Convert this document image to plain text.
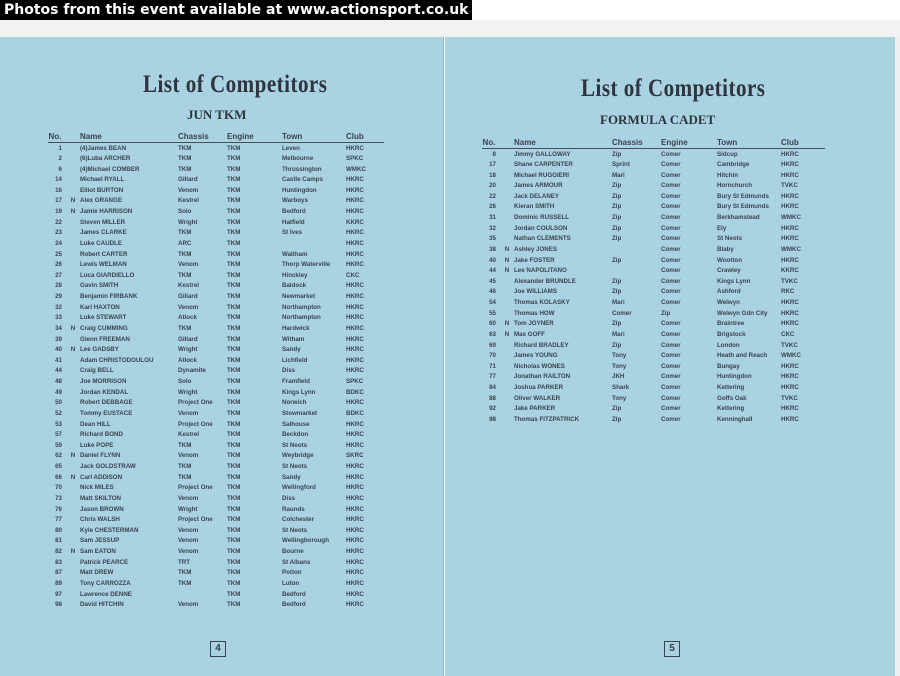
Photos from this event available at www.actionsport.co.uk
List of Competitors
JUN TKM
No.		Name	Chassis	Engine	Town	Club
1		(4)James BEAN	TKM	TKM	Leven	HKRC
2		(6)Luba ARCHER	TKM	TKM	Melbourne	SPKC
6		(4)Michael COMBER	TKM	TKM	Thrussington	WMKC
14		Michael RYALL	Gillard	TKM	Castle Camps	HKRC
16		Elliot BURTON	Venom	TKM	Huntingdon	HKRC
17	N	Alex GRANGE	Kestrel	TKM	Warboys	HKRC
19	N	Jamie HARRISON	Solo	TKM	Bedford	HKRC
22		Steven MILLER	Wright	TKM	Hatfield	KKRC
23		James CLARKE	TKM	TKM	St Ives	HKRC
24		Luke CAUDLE	ARC	TKM		HKRC
25		Robert CARTER	TKM	TKM	Waltham	HKRC
26		Lewis WELMAN	Venom	TKM	Thorp Waterville	HKRC
27		Luca GIARDIELLO	TKM	TKM	Hinckley	CKC
28		Gavin SMITH	Kestrel	TKM	Baldock	HKRC
29		Benjamin FIRBANK	Gillard	TKM	Newmarket	HKRC
32		Karl HAXTON	Venom	TKM	Northampton	HKRC
33		Luke STEWART	Atlock	TKM	Northampton	HKRC
34	N	Craig CUMMING	TKM	TKM	Hardwick	HKRC
39		Glenn FREEMAN	Gillard	TKM	Witham	HKRC
40	N	Lee GADSBY	Wright	TKM	Sandy	HKRC
41		Adam CHRISTODOULOU	Atlock	TKM	Lichfield	HKRC
44		Craig BELL	Dynamite	TKM	Diss	HKRC
48		Joe MORRISON	Solo	TKM	Framfield	SPKC
49		Jordan KENDAL	Wright	TKM	Kings Lynn	BDKC
50		Robert DEBBAGE	Project One	TKM	Norwich	HKRC
52		Tommy EUSTACE	Venom	TKM	Stowmarket	BDKC
53		Dean HILL	Project One	TKM	Salhouse	HKRC
57		Richard BOND	Kestrel	TKM	Beckdon	HKRC
59		Luke POPE	TKM	TKM	St Neots	HKRC
62	N	Daniel FLYNN	Venom	TKM	Weybridge	SKRC
65		Jack GOLDSTRAW	TKM	TKM	St Neots	HKRC
66	N	Carl ADDISON	TKM	TKM	Sandy	HKRC
70		Nick MILES	Project One	TKM	Wellingford	HKRC
73		Matt SKILTON	Venom	TKM	Diss	HKRC
76		Jason BROWN	Wright	TKM	Raunds	HKRC
77		Chris WALSH	Project One	TKM	Colchester	HKRC
80		Kyle CHESTERMAN	Venom	TKM	St Neots	HKRC
81		Sam JESSUP	Venom	TKM	Wellingborough	HKRC
82	N	Sam EATON	Venom	TKM	Bourne	HKRC
83		Patrick PEARCE	TRT	TKM	St Albans	HKRC
87		Matt DREW	TKM	TKM	Potton	HKRC
89		Tony CARROZZA	TKM	TKM	Luton	HKRC
97		Lawrence DENNE		TKM	Bedford	HKRC
98		David HITCHIN	Venom	TKM	Bedford	HKRC
4
List of Competitors
FORMULA CADET
No.		Name	Chassis	Engine	Town	Club
8		Jimmy GALLOWAY	Zip	Comer	Sidcup	HKRC
17		Shane CARPENTER	Sprint	Comer	Cambridge	HKRC
18		Michael RUGGIERI	Mari	Comer	Hitchin	HKRC
20		James ARMOUR	Zip	Comer	Hornchurch	TVKC
22		Jack DELANEY	Zip	Comer	Bury St Edmunds	HKRC
26		Kieran SMITH	Zip	Comer	Bury St Edmunds	HKRC
31		Dominic RUSSELL	Zip	Comer	Berkhamstead	WMKC
32		Jordan COULSON	Zip	Comer	Ely	HKRC
35		Nathan CLEMENTS	Zip	Comer	St Neots	HKRC
38	N	Ashley JONES		Comer	Blaby	WMKC
40	N	Jake FOSTER	Zip	Comer	Wootton	HKRC
44	N	Lee NAPOLITANO		Comer	Crawley	KKRC
45		Alexander BRUNDLE	Zip	Comer	Kings Lynn	TVKC
46		Joe WILLIAMS	Zip	Comer	Ashford	RKC
54		Thomas KOLASKY	Mari	Comer	Welwyn	HKRC
55		Thomas HOW	Comer	Zip	Welwyn Gdn City	HKRC
60	N	Tom JOYNER	Zip	Comer	Braintree	HKRC
63	N	Max GOFF	Mari	Comer	Brigstock	CKC
69		Richard BRADLEY	Zip	Comer	London	TVKC
70		James YOUNG	Tony	Comer	Heath and Reach	WMKC
71		Nicholas WONES	Tony	Comer	Bungay	HKRC
77		Jonathan RAILTON	JKH	Comer	Huntingdon	HKRC
84		Joshua PARKER	Shark	Comer	Kettering	HKRC
88		Oliver WALKER	Tony	Comer	Goffs Oak	TVKC
92		Jake PARKER	Zip	Comer	Kettering	HKRC
98		Thomas FITZPATRICK	Zip	Comer	Kenninghall	HKRC
5
